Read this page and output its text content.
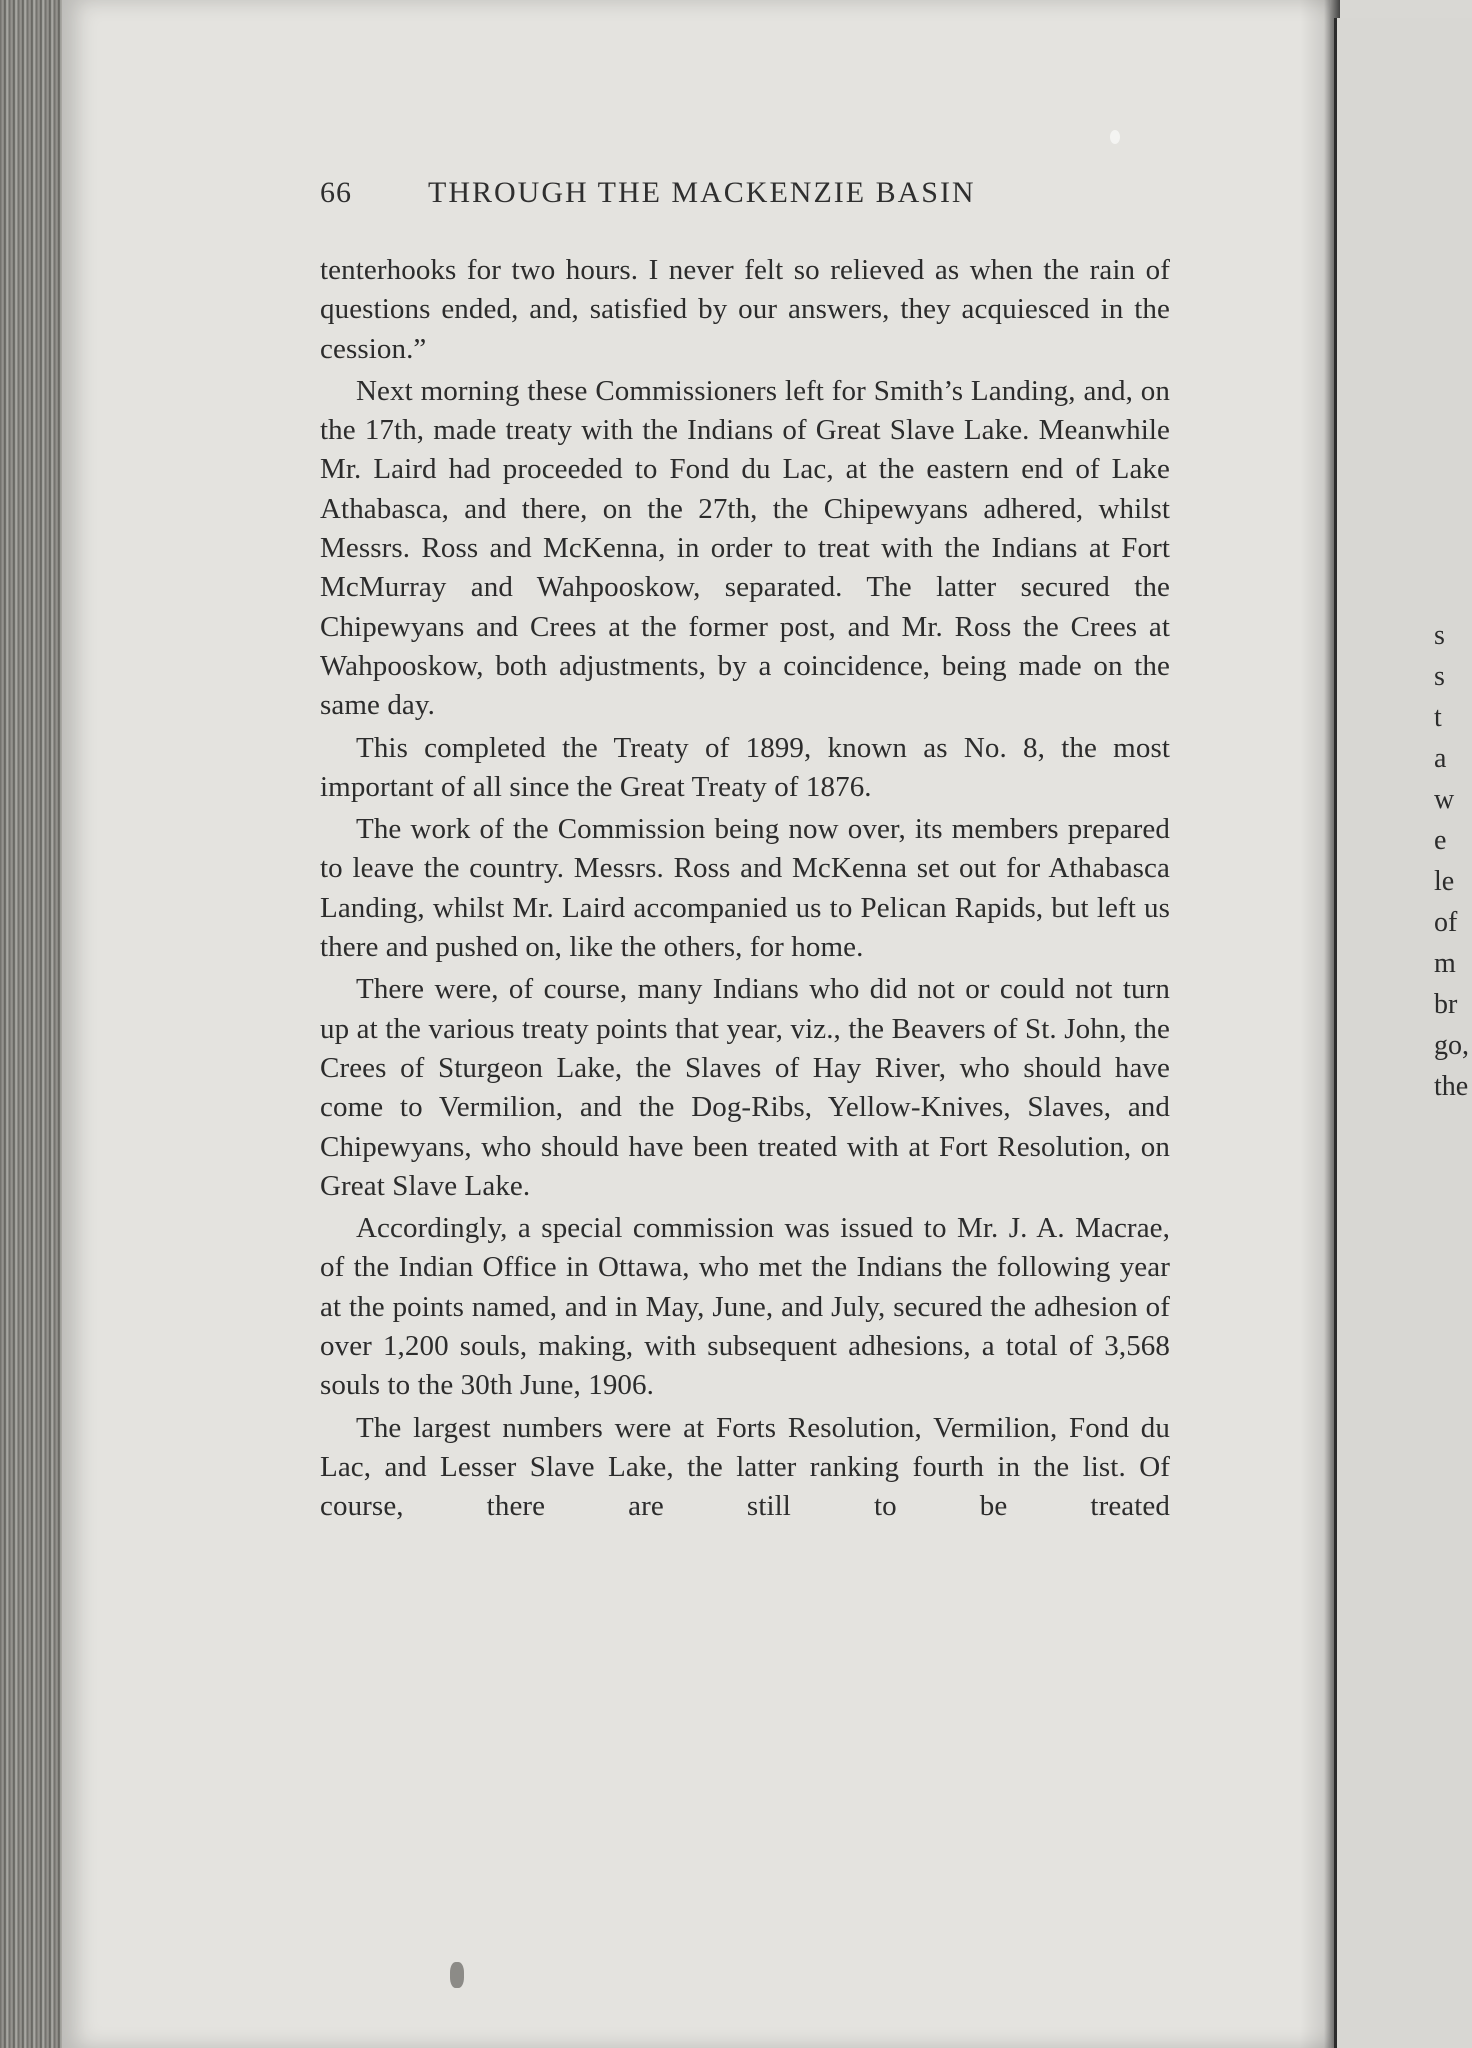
66	THROUGH THE MACKENZIE BASIN

tenterhooks for two hours. I never felt so relieved as when the rain of questions ended, and, satisfied by our answers, they acquiesced in the cession.”

Next morning these Commissioners left for Smith’s Landing, and, on the 17th, made treaty with the Indians of Great Slave Lake. Meanwhile Mr. Laird had proceeded to Fond du Lac, at the eastern end of Lake Athabasca, and there, on the 27th, the Chipewyans adhered, whilst Messrs. Ross and McKenna, in order to treat with the Indians at Fort McMurray and Wahpooskow, separated. The latter secured the Chipewyans and Crees at the former post, and Mr. Ross the Crees at Wahpooskow, both adjustments, by a coincidence, being made on the same day.

This completed the Treaty of 1899, known as No. 8, the most important of all since the Great Treaty of 1876.

The work of the Commission being now over, its members prepared to leave the country. Messrs. Ross and McKenna set out for Athabasca Landing, whilst Mr. Laird accompanied us to Pelican Rapids, but left us there and pushed on, like the others, for home.

There were, of course, many Indians who did not or could not turn up at the various treaty points that year, viz., the Beavers of St. John, the Crees of Sturgeon Lake, the Slaves of Hay River, who should have come to Vermilion, and the Dog-Ribs, Yellow-Knives, Slaves, and Chipewyans, who should have been treated with at Fort Resolution, on Great Slave Lake.

Accordingly, a special commission was issued to Mr. J. A. Macrae, of the Indian Office in Ottawa, who met the Indians the following year at the points named, and in May, June, and July, secured the adhesion of over 1,200 souls, making, with subsequent adhesions, a total of 3,568 souls to the 30th June, 1906.

The largest numbers were at Forts Resolution, Vermilion, Fond du Lac, and Lesser Slave Lake, the latter ranking fourth in the list. Of course, there are still to be treated

s
s
t
a
w
e
le
of
m
br
go,
the
